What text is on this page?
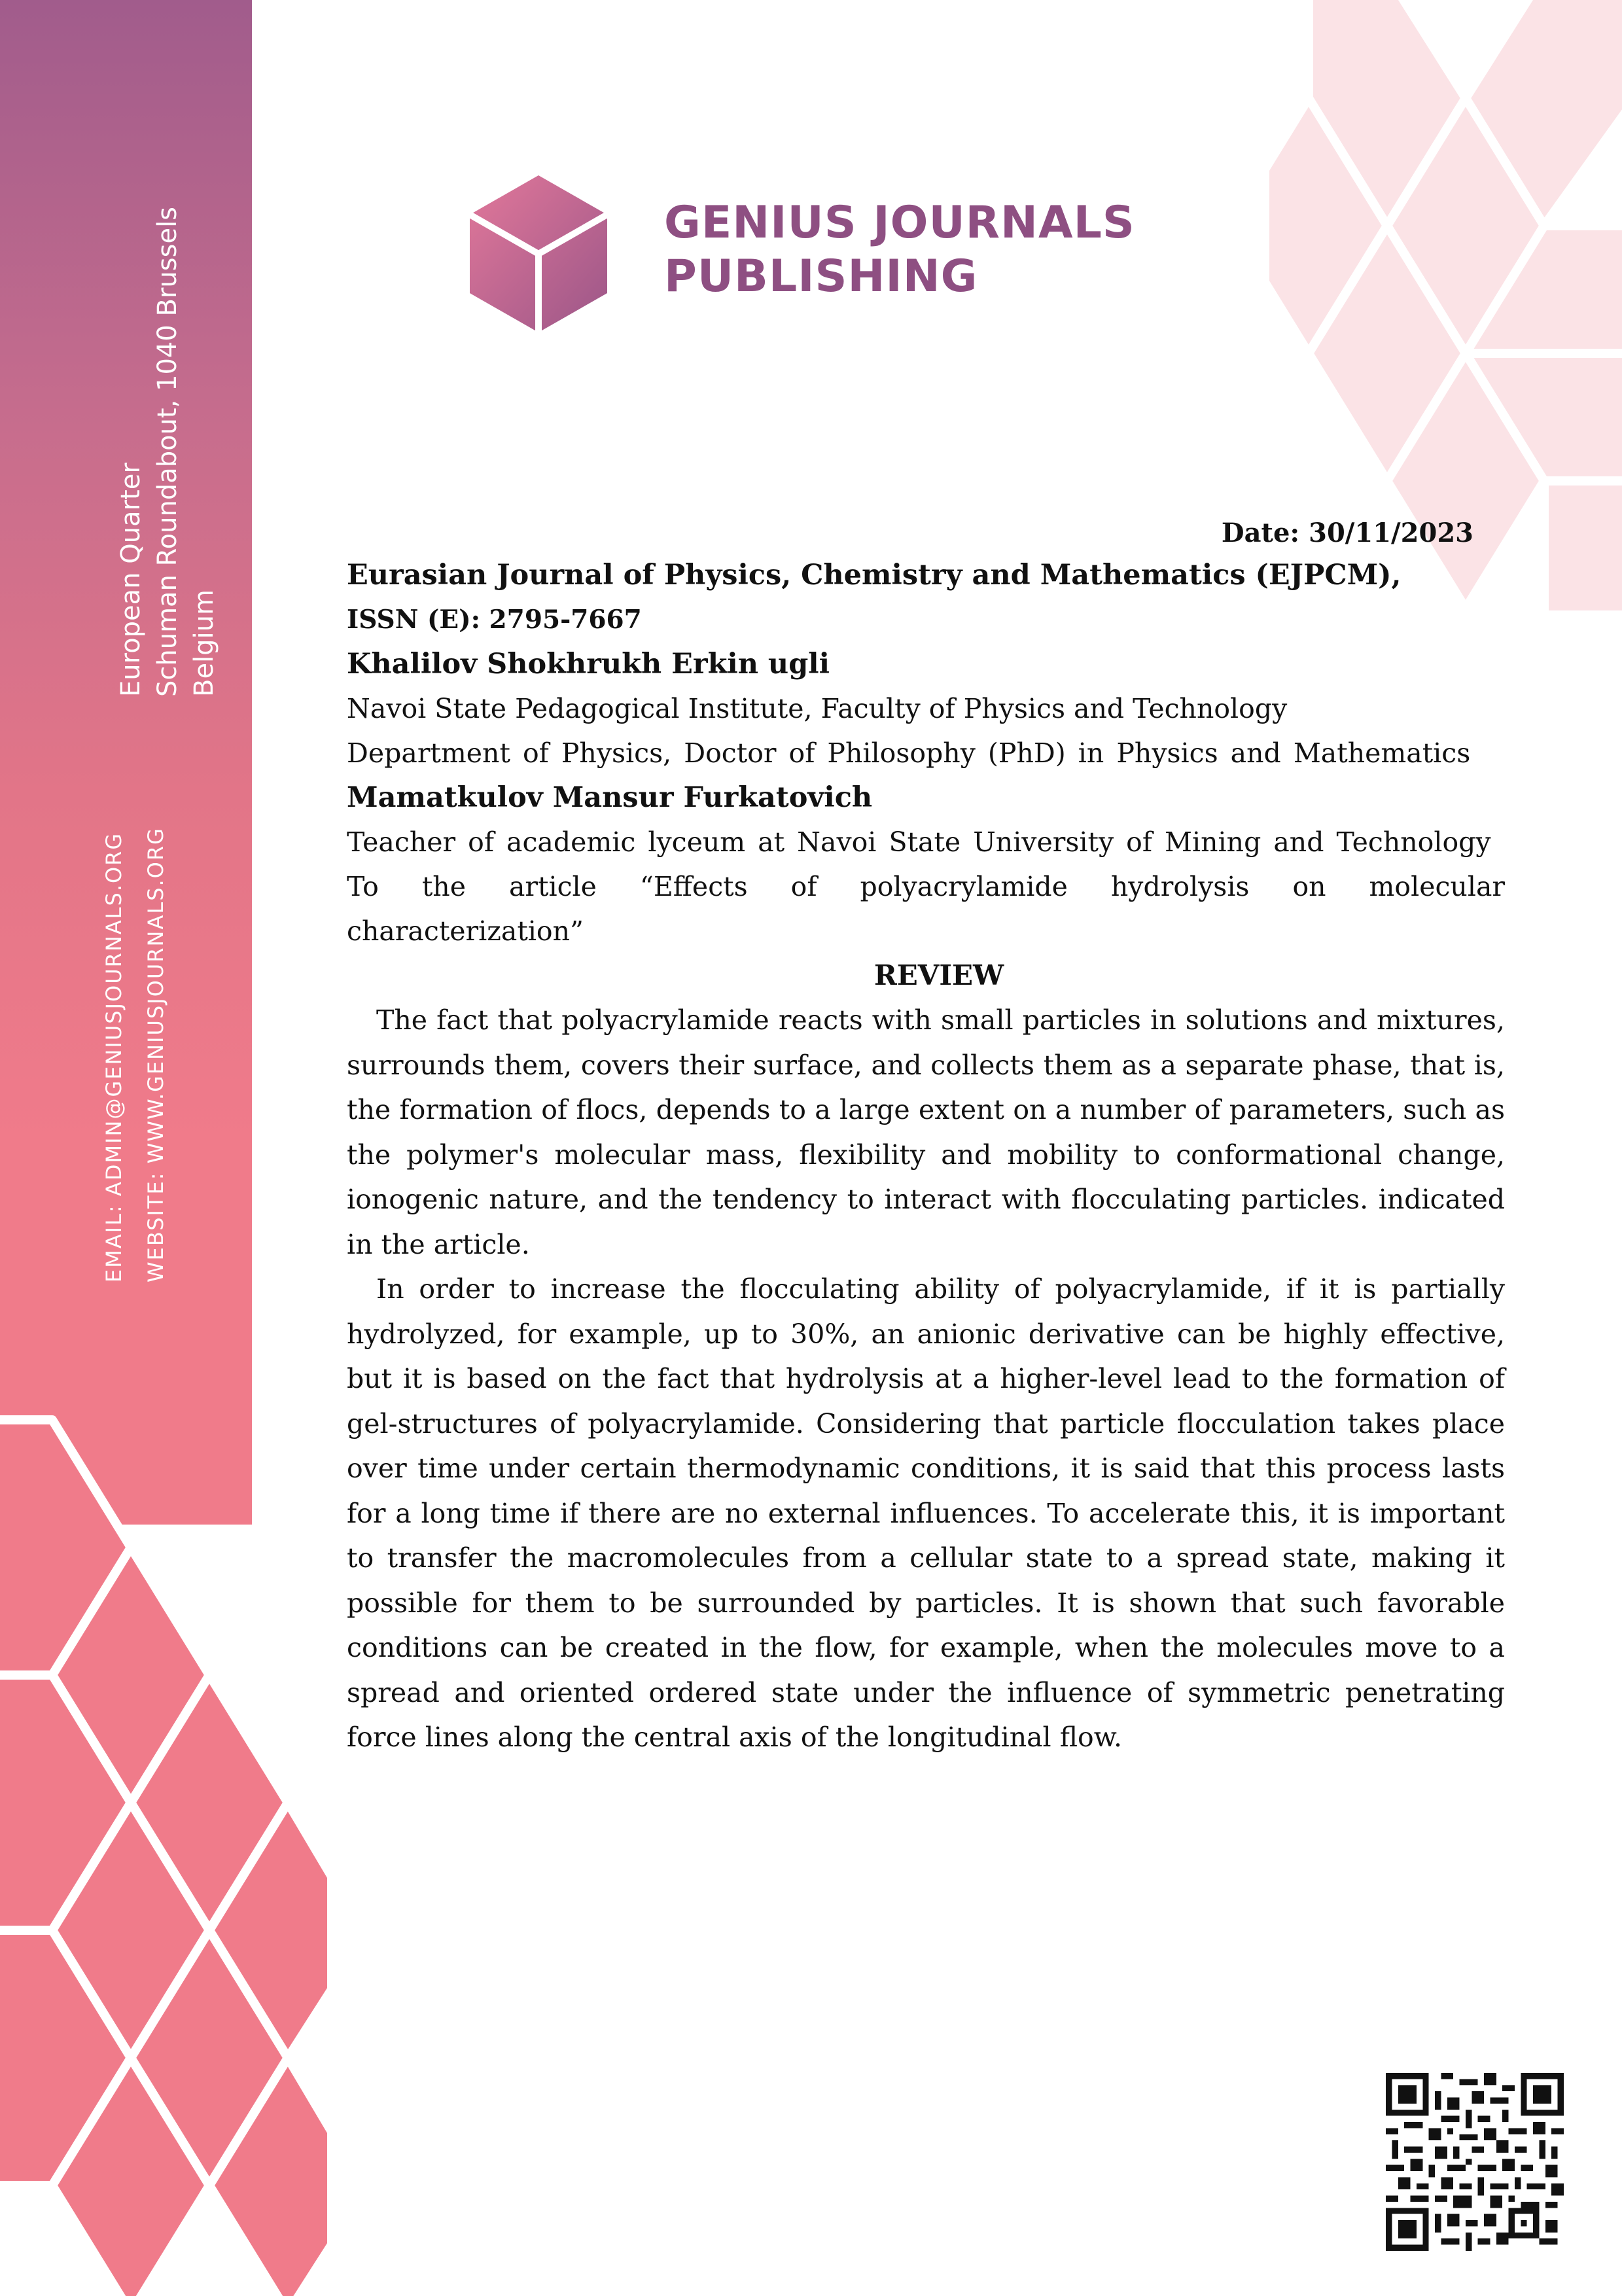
European Quarter Schuman Roundabout, 1040 Brussels Belgium
EMAIL: ADMIN@GENIUSJOURNALS.ORG WEBSITE: WWW.GENIUSJOURNALS.ORG
GENIUS JOURNALS
PUBLISHING
Date: 30/11/2023
Eurasian Journal of Physics, Chemistry and Mathematics (EJPCM),
ISSN (E): 2795-7667
Khalilov Shokhrukh Erkin ugli
Navoi State Pedagogical Institute, Faculty of Physics and Technology
Department of Physics, Doctor of Philosophy (PhD) in Physics and Mathematics
Mamatkulov Mansur Furkatovich
Teacher of academic lyceum at Navoi State University of Mining and Technology
To the article “Effects of polyacrylamide hydrolysis on molecular characterization”
REVIEW

The fact that polyacrylamide reacts with small particles in solutions and mixtures, surrounds them, covers their surface, and collects them as a separate phase, that is, the formation of flocs, depends to a large extent on a number of parameters, such as the polymer's molecular mass, flexibility and mobility to conformational change, ionogenic nature, and the tendency to interact with flocculating particles. indicated in the article.

In order to increase the flocculating ability of polyacrylamide, if it is partially hydrolyzed, for example, up to 30%, an anionic derivative can be highly effective, but it is based on the fact that hydrolysis at a higher-level lead to the formation of gel-structures of polyacrylamide. Considering that particle flocculation takes place over time under certain thermodynamic conditions, it is said that this process lasts for a long time if there are no external influences. To accelerate this, it is important to transfer the macromolecules from a cellular state to a spread state, making it possible for them to be surrounded by particles. It is shown that such favorable conditions can be created in the flow, for example, when the molecules move to a spread and oriented ordered state under the influence of symmetric penetrating force lines along the central axis of the longitudinal flow.
